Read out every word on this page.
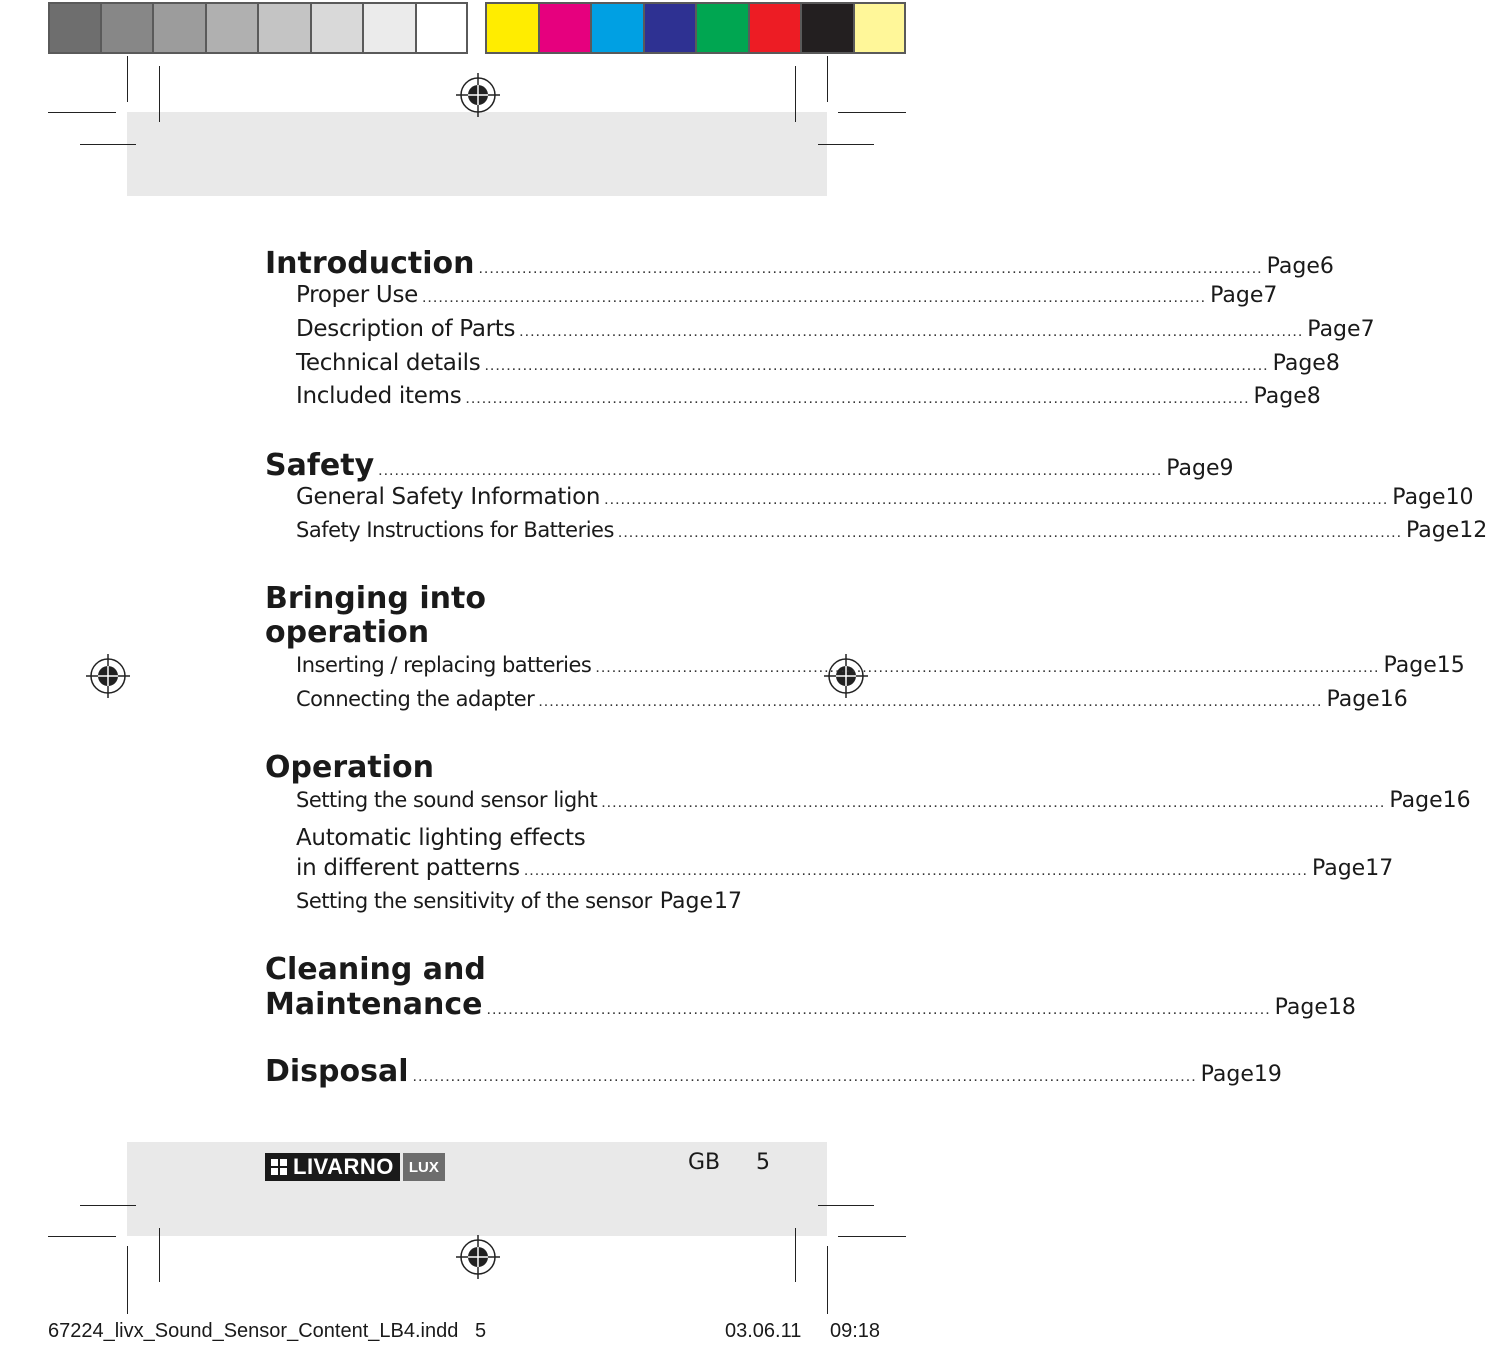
Introduction ................................................................................................................................................ Page 6
Proper Use ................................................................................................................................................ Page 7
Description of Parts ................................................................................................................................................ Page 7
Technical details ................................................................................................................................................ Page 8
Included items ................................................................................................................................................ Page 8
Safety ................................................................................................................................................ Page 9
General Safety Information ................................................................................................................................................ Page 10
Safety Instructions for Batteries ................................................................................................................................................ Page 12
Bringing into
operation
Inserting / replacing batteries ................................................................................................................................................ Page 15
Connecting the adapter ................................................................................................................................................ Page 16
Operation
Setting the sound sensor light ................................................................................................................................................ Page 16
Automatic lighting effects
in different patterns ................................................................................................................................................ Page 17
Setting the sensitivity of the sensor Page 17
Cleaning and
Maintenance ................................................................................................................................................ Page 18
Disposal ................................................................................................................................................ Page 19
LIVARNO	LUX	GB 5
67224_livx_Sound_Sensor_Content_LB4.indd   5	03.06.11 09:18
